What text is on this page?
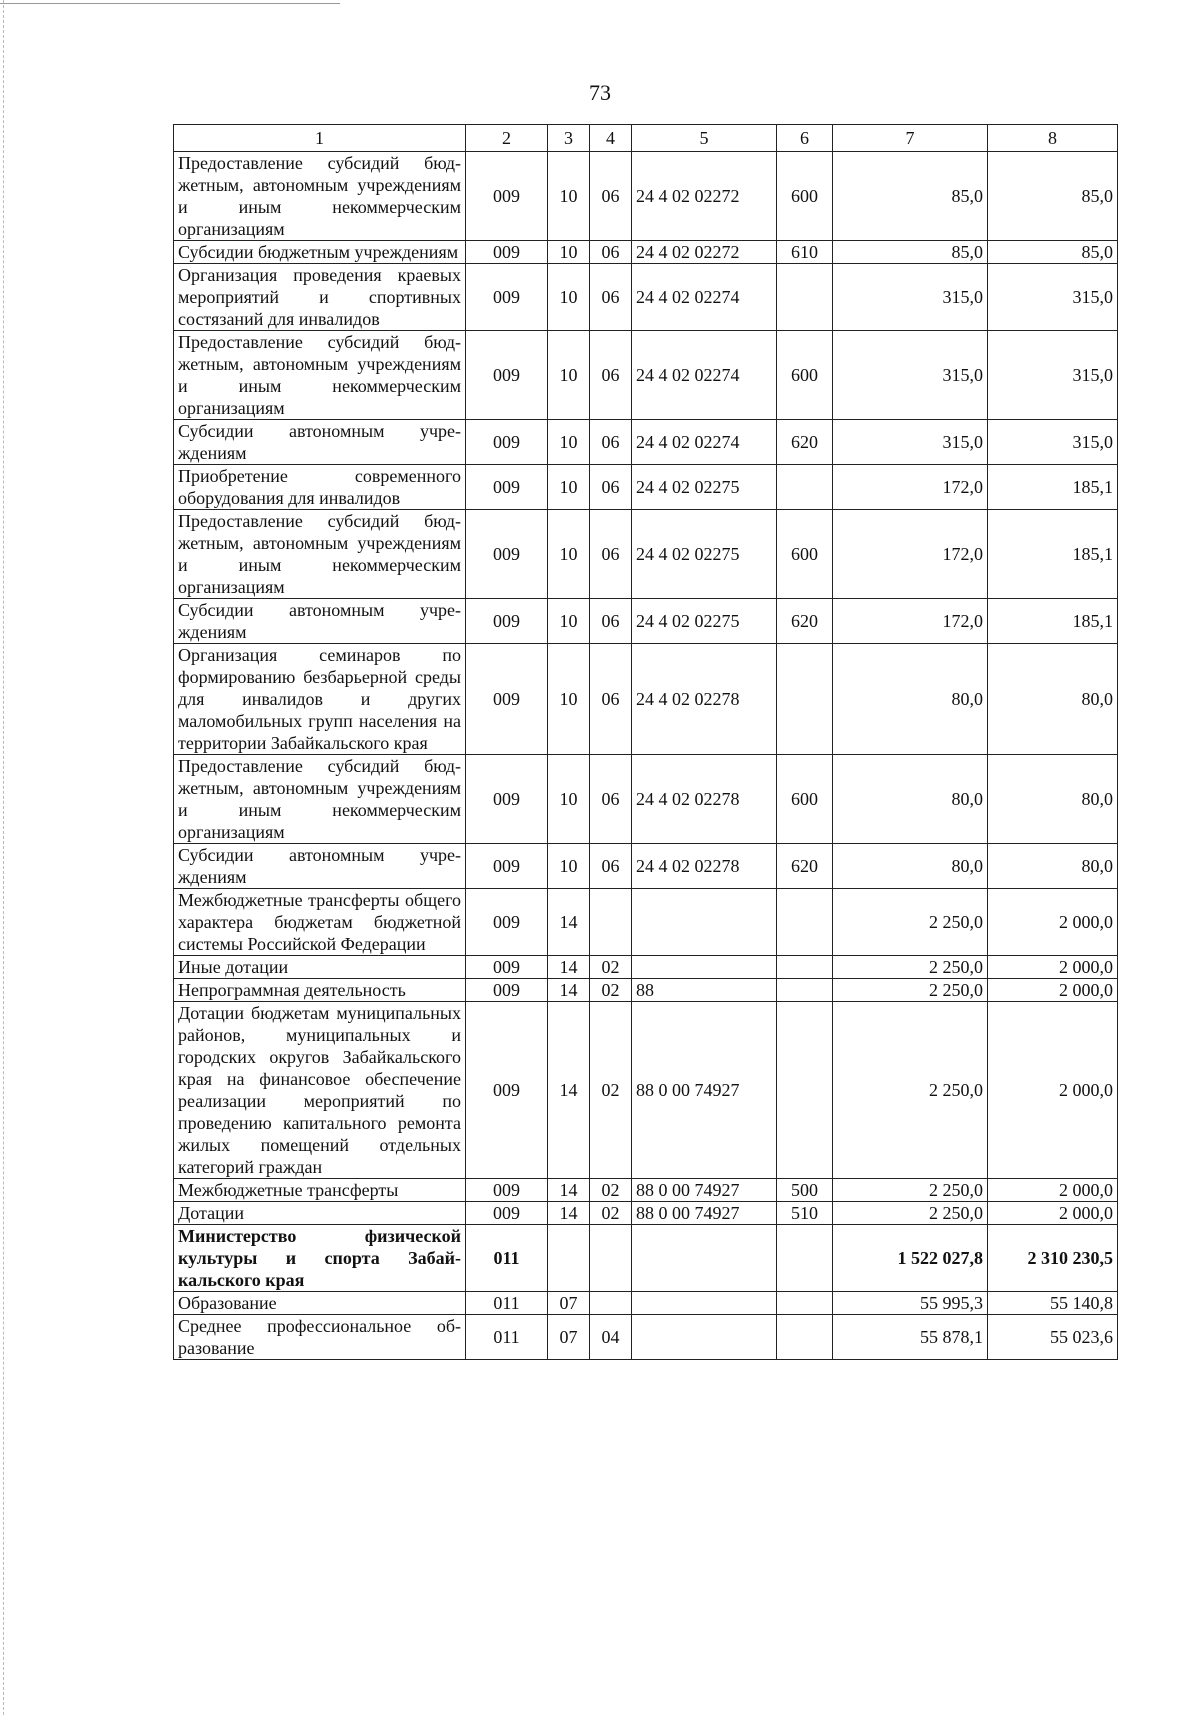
73
1	2	3	4	5	6	7	8
Предоставление субсидий бюджетным, автономным учреждениям и иным некоммерческим организациям	009	10	06	24 4 02 02272	600	85,0	85,0
Субсидии бюджетным учреждениям	009	10	06	24 4 02 02272	610	85,0	85,0
Организация проведения краевых мероприятий и спортивных состязаний для инвалидов	009	10	06	24 4 02 02274		315,0	315,0
Предоставление субсидий бюджетным, автономным учреждениям и иным некоммерческим организациям	009	10	06	24 4 02 02274	600	315,0	315,0
Субсидии автономным учреждениям	009	10	06	24 4 02 02274	620	315,0	315,0
Приобретение современного оборудования для инвалидов	009	10	06	24 4 02 02275		172,0	185,1
Предоставление субсидий бюджетным, автономным учреждениям и иным некоммерческим организациям	009	10	06	24 4 02 02275	600	172,0	185,1
Субсидии автономным учреждениям	009	10	06	24 4 02 02275	620	172,0	185,1
Организация семинаров по формированию безбарьерной среды для инвалидов и других маломобильных групп населения на территории Забайкальского края	009	10	06	24 4 02 02278		80,0	80,0
Предоставление субсидий бюджетным, автономным учреждениям и иным некоммерческим организациям	009	10	06	24 4 02 02278	600	80,0	80,0
Субсидии автономным учреждениям	009	10	06	24 4 02 02278	620	80,0	80,0
Межбюджетные трансферты общего характера бюджетам бюджетной системы Российской Федерации	009	14				2 250,0	2 000,0
Иные дотации	009	14	02			2 250,0	2 000,0
Непрограммная деятельность	009	14	02	88		2 250,0	2 000,0
Дотации бюджетам муниципальных районов, муниципальных и городских округов Забайкальского края на финансовое обеспечение реализации мероприятий по проведению капитального ремонта жилых помещений отдельных категорий граждан	009	14	02	88 0 00 74927		2 250,0	2 000,0
Межбюджетные трансферты	009	14	02	88 0 00 74927	500	2 250,0	2 000,0
Дотации	009	14	02	88 0 00 74927	510	2 250,0	2 000,0
Министерство физической культуры и спорта Забайкальского края	011					1 522 027,8	2 310 230,5
Образование	011	07				55 995,3	55 140,8
Среднее профессиональное образование	011	07	04			55 878,1	55 023,6
